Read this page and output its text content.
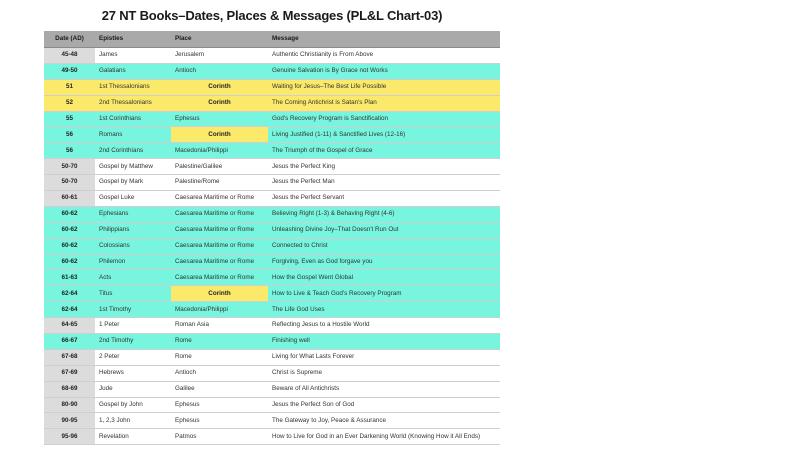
27 NT Books–Dates, Places & Messages (PL&L Chart-03)
Date (AD)	Epistles	Place	Message
45-48	James	Jerusalem	Authentic Christianity is From Above
49-50	Galatians	Antioch	Genuine Salvation is By Grace not Works
51	1st Thessalonians	Corinth	Waiting for Jesus–The Best Life Possible
52	2nd Thessalonians	Corinth	The Coming Antichrist is Satan's Plan
55	1st Corinthians	Ephesus	God's Recovery Program is Sanctification
56	Romans	Corinth	Living Justified (1-11) & Sanctified Lives (12-16)
56	2nd Corinthians	Macedonia/Philippi	The Triumph of the Gospel of Grace
50-70	Gospel by Matthew	Palestine/Galilee	Jesus the Perfect King
50-70	Gospel by Mark	Palestine/Rome	Jesus the Perfect Man
60-61	Gospel Luke	Caesarea Maritime or Rome	Jesus the Perfect Servant
60-62	Ephesians	Caesarea Maritime or Rome	Believing Right (1-3) & Behaving Right (4-6)
60-62	Philippians	Caesarea Maritime or Rome	Unleashing Divine Joy–That Doesn't Run Out
60-62	Colossians	Caesarea Maritime or Rome	Connected to Christ
60-62	Philemon	Caesarea Maritime or Rome	Forgiving, Even as God forgave you
61-63	Acts	Caesarea Maritime or Rome	How the Gospel Went Global
62-64	Titus	Corinth	How to Live & Teach God's Recovery Program
62-64	1st Timothy	Macedonia/Philippi	The Life God Uses
64-65	1 Peter	Roman Asia	Reflecting Jesus to a Hostile World
66-67	2nd Timothy	Rome	Finishing well
67-68	2 Peter	Rome	Living for What Lasts Forever
67-69	Hebrews	Antioch	Christ is Supreme
68-69	Jude	Galilee	Beware of All Antichrists
80-90	Gospel by John	Ephesus	Jesus the Perfect Son of God
90-95	1, 2,3 John	Ephesus	The Gateway to Joy, Peace & Assurance
95-96	Revelation	Patmos	How to Live for God in an Ever Darkening World (Knowing How it All Ends)
